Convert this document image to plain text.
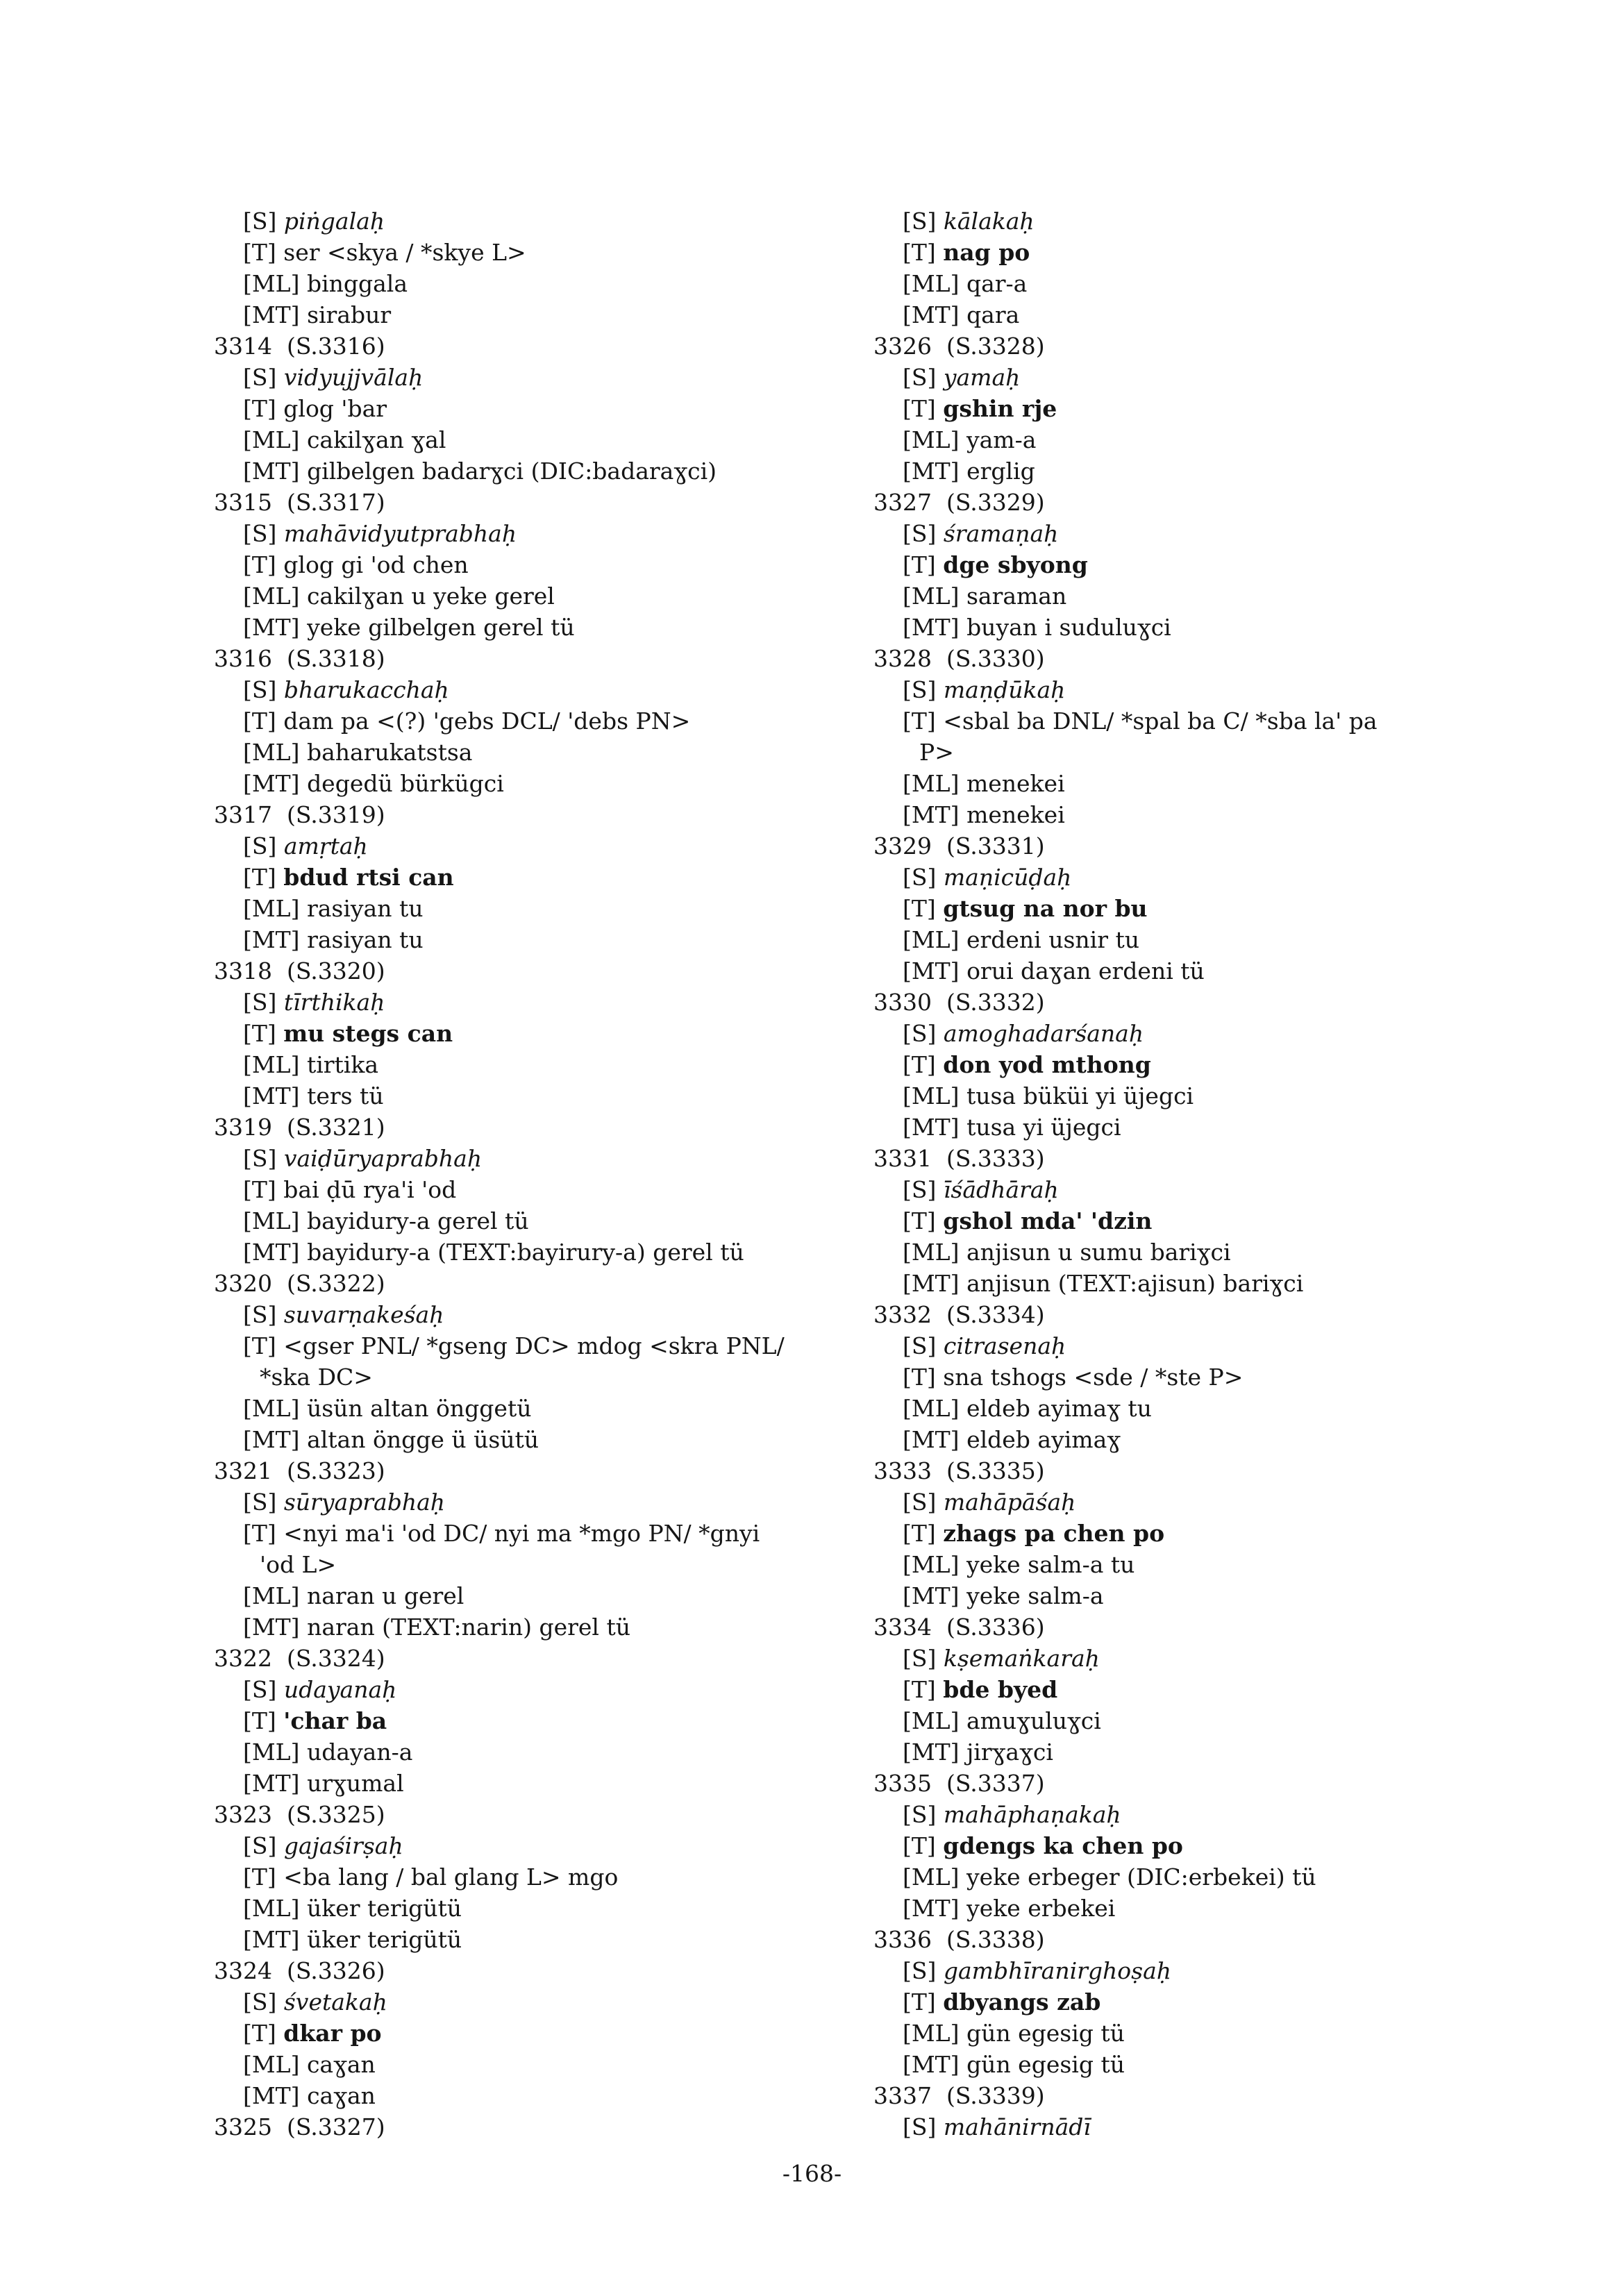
[S] piṅgalaḥ
[T] ser <skya / *skye L>
[ML] binggala
[MT] sirabur
3314  (S.3316)
[S] vidyujjvālaḥ
[T] glog 'bar
[ML] cakilɣan ɣal
[MT] gilbelgen badarɣci (DIC:badaraɣci)
3315  (S.3317)
[S] mahāvidyutprabhaḥ
[T] glog gi 'od chen
[ML] cakilɣan u yeke gerel
[MT] yeke gilbelgen gerel tü
3316  (S.3318)
[S] bharukacchaḥ
[T] dam pa <(?) 'gebs DCL/ 'debs PN>
[ML] baharukatstsa
[MT] degedü bürkügci
3317  (S.3319)
[S] amṛtaḥ
[T] bdud rtsi can
[ML] rasiyan tu
[MT] rasiyan tu
3318  (S.3320)
[S] tīrthikaḥ
[T] mu stegs can
[ML] tirtika
[MT] ters tü
3319  (S.3321)
[S] vaiḍūryaprabhaḥ
[T] bai ḍū rya'i 'od
[ML] bayidury-a gerel tü
[MT] bayidury-a (TEXT:bayirury-a) gerel tü
3320  (S.3322)
[S] suvarṇakeśaḥ
[T] <gser PNL/ *gseng DC> mdog <skra PNL/
*ska DC>
[ML] üsün altan önggetü
[MT] altan öngge ü üsütü
3321  (S.3323)
[S] sūryaprabhaḥ
[T] <nyi ma'i 'od DC/ nyi ma *mgo PN/ *gnyi
'od L>
[ML] naran u gerel
[MT] naran (TEXT:narin) gerel tü
3322  (S.3324)
[S] udayanaḥ
[T] 'char ba
[ML] udayan-a
[MT] urɣumal
3323  (S.3325)
[S] gajaśirṣaḥ
[T] <ba lang / bal glang L> mgo
[ML] üker terigütü
[MT] üker terigütü
3324  (S.3326)
[S] śvetakaḥ
[T] dkar po
[ML] caɣan
[MT] caɣan
3325  (S.3327)
[S] kālakaḥ
[T] nag po
[ML] qar-a
[MT] qara
3326  (S.3328)
[S] yamaḥ
[T] gshin rje
[ML] yam-a
[MT] erglig
3327  (S.3329)
[S] śramaṇaḥ
[T] dge sbyong
[ML] saraman
[MT] buyan i suduluɣci
3328  (S.3330)
[S] maṇḍūkaḥ
[T] <sbal ba DNL/ *spal ba C/ *sba la' pa
P>
[ML] menekei
[MT] menekei
3329  (S.3331)
[S] maṇicūḍaḥ
[T] gtsug na nor bu
[ML] erdeni usnir tu
[MT] orui daɣan erdeni tü
3330  (S.3332)
[S] amoghadarśanaḥ
[T] don yod mthong
[ML] tusa büküi yi üjegci
[MT] tusa yi üjegci
3331  (S.3333)
[S] īśādhāraḥ
[T] gshol mda' 'dzin
[ML] anjisun u sumu bariɣci
[MT] anjisun (TEXT:ajisun) bariɣci
3332  (S.3334)
[S] citrasenaḥ
[T] sna tshogs <sde / *ste P>
[ML] eldeb ayimaɣ tu
[MT] eldeb ayimaɣ
3333  (S.3335)
[S] mahāpāśaḥ
[T] zhags pa chen po
[ML] yeke salm-a tu
[MT] yeke salm-a
3334  (S.3336)
[S] kṣemaṅkaraḥ
[T] bde byed
[ML] amuɣuluɣci
[MT] jirɣaɣci
3335  (S.3337)
[S] mahāphaṇakaḥ
[T] gdengs ka chen po
[ML] yeke erbeger (DIC:erbekei) tü
[MT] yeke erbekei
3336  (S.3338)
[S] gambhīranirghoṣaḥ
[T] dbyangs zab
[ML] gün egesig tü
[MT] gün egesig tü
3337  (S.3339)
[S] mahānirnādī
-168-
